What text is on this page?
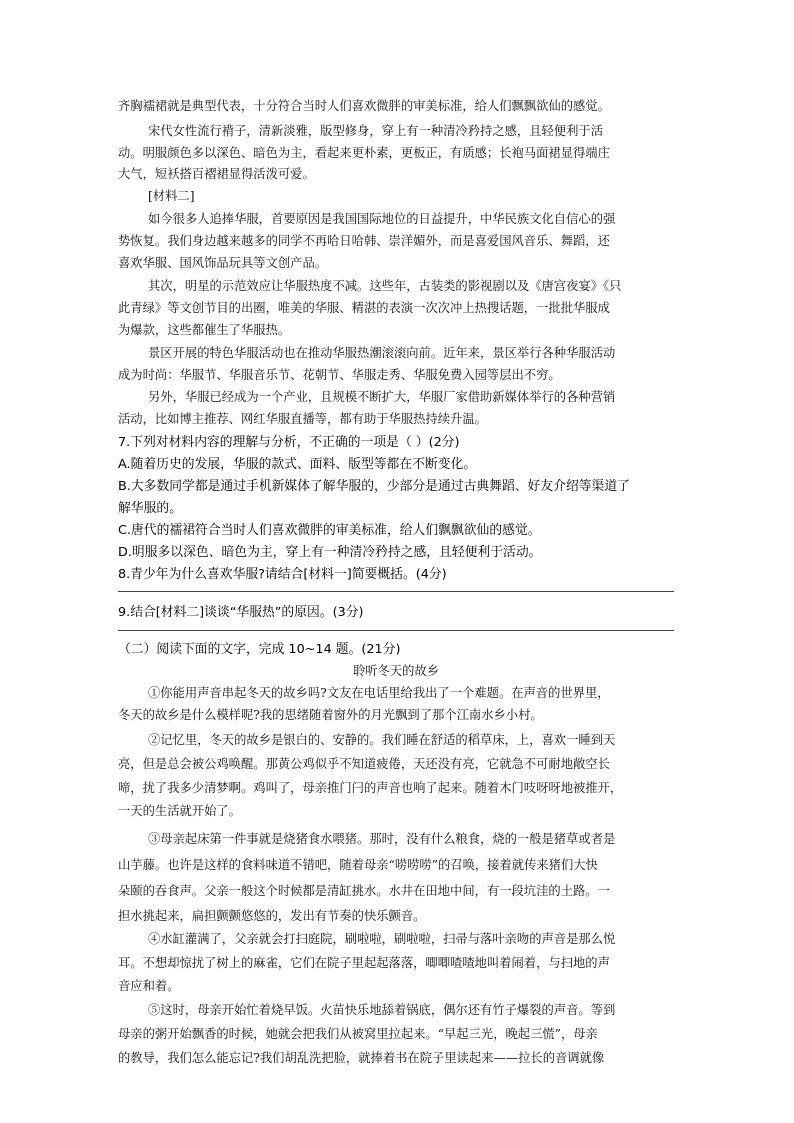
齐胸襦裙就是典型代表，十分符合当时人们喜欢微胖的审美标准，给人们飘飘欲仙的感觉。
宋代女性流行褙子，清新淡雅，版型修身，穿上有一种清冷矜持之感，且轻便利于活
动。明服颜色多以深色、暗色为主，看起来更朴素，更板正，有质感；长袍马面裙显得端庄
大气，短袄搭百褶裙显得活泼可爱。
[材料二]
如今很多人追捧华服，首要原因是我国国际地位的日益提升，中华民族文化自信心的强
势恢复。我们身边越来越多的同学不再哈日哈韩、崇洋媚外，而是喜爱国风音乐、舞蹈，还
喜欢华服、国风饰品玩具等文创产品。
其次，明星的示范效应让华服热度不减。这些年，古装类的影视剧以及《唐宫夜宴》《只
此青绿》等文创节目的出圈，唯美的华服、精湛的表演一次次冲上热搜话题，一批批华服成
为爆款，这些都催生了华服热。
景区开展的特色华服活动也在推动华服热潮滚滚向前。近年来，景区举行各种华服活动
成为时尚：华服节、华服音乐节、花朝节、华服走秀、华服免费入园等层出不穷。
另外，华服已经成为一个产业，且规模不断扩大，华服厂家借助新媒体举行的各种营销
活动，比如博主推荐、网红华服直播等，都有助于华服热持续升温。
7.下列对材料内容的理解与分析，不正确的一项是（ ）(2分)
A.随着历史的发展，华服的款式、面料、版型等都在不断变化。
B.大多数同学都是通过手机新媒体了解华服的，少部分是通过古典舞蹈、好友介绍等渠道了
解华服的。
C.唐代的襦裙符合当时人们喜欢微胖的审美标准，给人们飘飘欲仙的感觉。
D.明服多以深色、暗色为主，穿上有一种清冷矜持之感，且轻便利于活动。
8.青少年为什么喜欢华服?请结合[材料一]简要概括。(4分)
9.结合[材料二]谈谈“华服热”的原因。(3分)
（二）阅读下面的文字，完成 10~14 题。(21分)
聆听冬天的故乡
①你能用声音串起冬天的故乡吗?文友在电话里给我出了一个难题。在声音的世界里，
冬天的故乡是什么模样呢?我的思绪随着窗外的月光飘到了那个江南水乡小村。
②记忆里，冬天的故乡是银白的、安静的。我们睡在舒适的稻草床，上，喜欢一睡到天
亮，但是总会被公鸡唤醒。那黄公鸡似乎不知道疲倦，天还没有亮，它就急不可耐地敞空长
啼，扰了我多少清梦啊。鸡叫了，母亲推门闩的声音也响了起来。随着木门吱呀呀地被推开，
一天的生活就开始了。
③母亲起床第一件事就是烧猪食水喂猪。那时，没有什么粮食，烧的一般是猪草或者是
山芋藤。也许是这样的食料味道不错吧，随着母亲“唠唠唠”的召唤，接着就传来猪们大快
朵颐的吞食声。父亲一般这个时候都是清缸挑水。水井在田地中间，有一段坑洼的土路。一
担水挑起来，扁担颤颤悠悠的，发出有节奏的快乐颤音。
④水缸灌满了，父亲就会打扫庭院，刷啦啦，刷啦啦，扫帚与落叶亲吻的声音是那么悦
耳。不想却惊扰了树上的麻雀，它们在院子里起起落落，唧唧喳喳地叫着闹着，与扫地的声
音应和着。
⑤这时，母亲开始忙着烧早饭。火苗快乐地舔着锅底，偶尔还有竹子爆裂的声音。等到
母亲的粥开始飘香的时候，她就会把我们从被窝里拉起来。“早起三光，晚起三慌”，母亲
的教导，我们怎么能忘记?我们胡乱洗把脸，就捧着书在院子里读起来——拉长的音调就像
